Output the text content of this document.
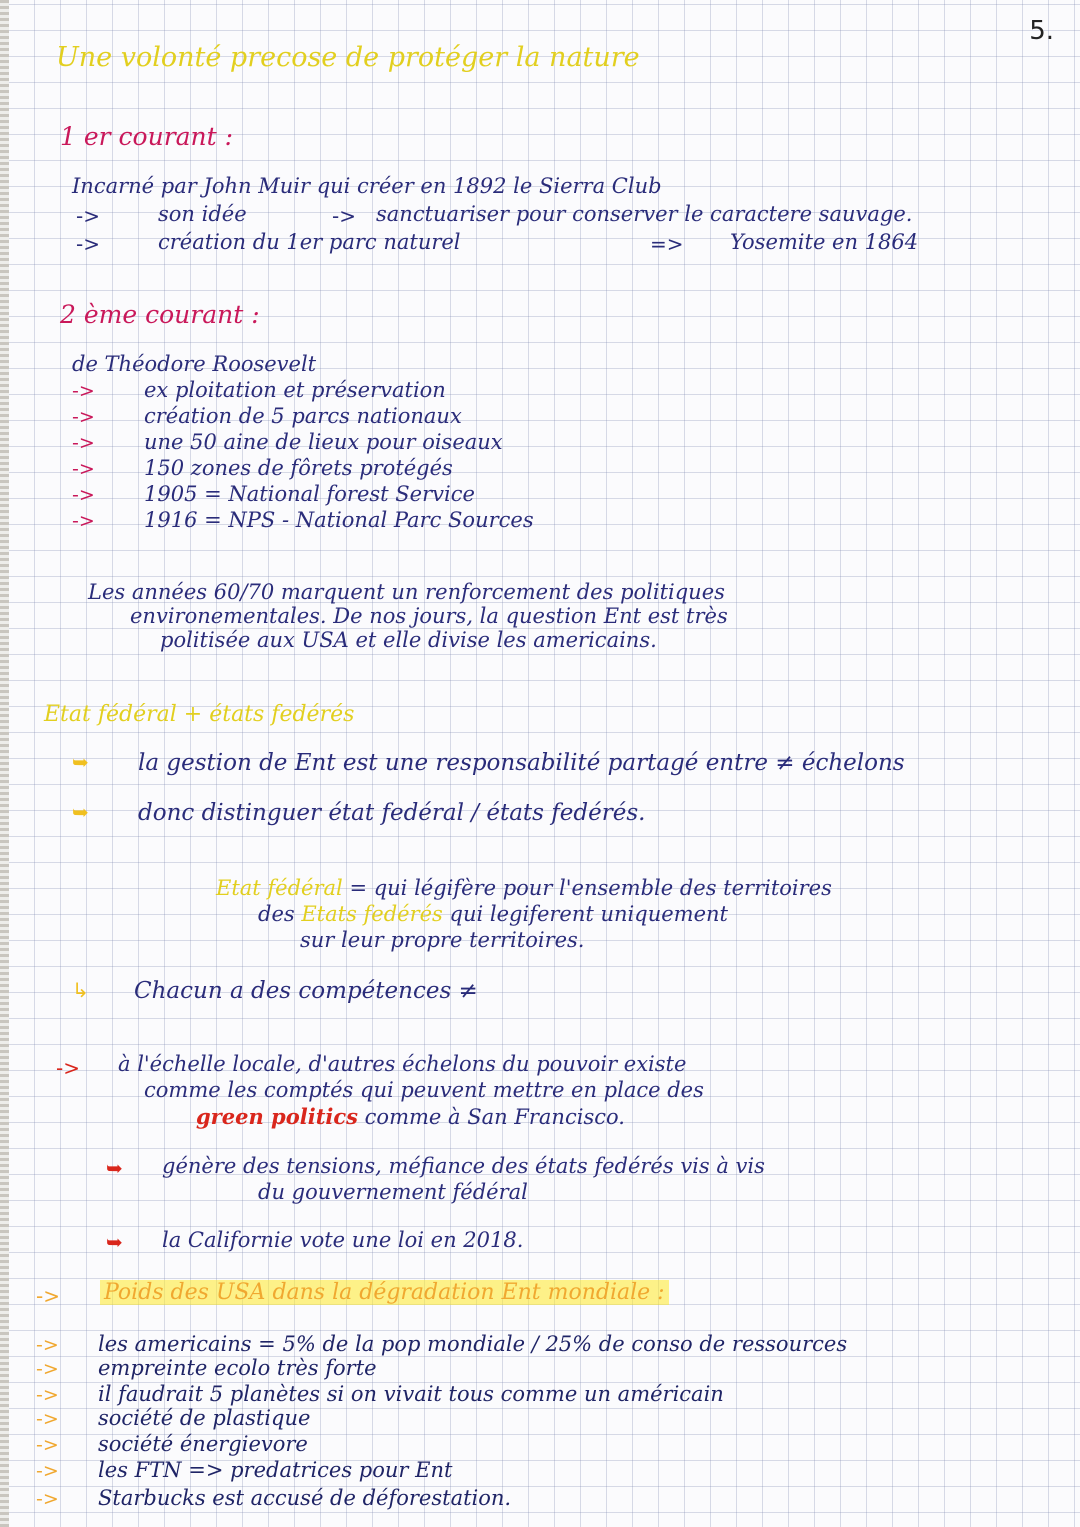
5.
Une volonté precose de protéger la nature
1 er courant :
Incarné par John Muir qui créer en 1892 le Sierra Club
->	son idée	-> sanctuariser pour conserver le caractere sauvage.
->	création du 1er parc naturel	=> Yosemite en 1864
2 ème courant :
de Théodore Roosevelt
-> ex ploitation et préservation
-> création de 5 parcs nationaux
-> une 50 aine de lieux pour oiseaux
-> 150 zones de fôrets protégés
-> 1905 = National forest Service
-> 1916 = NPS - National Parc Sources
Les années 60/70 marquent un renforcement des politiques
environementales. De nos jours, la question Ent est très
politisée aux USA et elle divise les americains.
Etat fédéral + états fedérés
➥ la gestion de Ent est une responsabilité partagé entre ≠ échelons
➥ donc distinguer état fedéral / états fedérés.
Etat fédéral = qui légifère pour l'ensemble des territoires
des Etats fedérés qui legiferent uniquement
sur leur propre territoires.
↳ Chacun a des compétences ≠
-> à l'échelle locale, d'autres échelons du pouvoir existe
comme les comptés qui peuvent mettre en place des
green politics comme à San Francisco.
➥ génère des tensions, méfiance des états fedérés vis à vis
du gouvernement fédéral
➥ la Californie vote une loi en 2018.
-> Poids des USA dans la dégradation Ent mondiale :
-> les americains = 5% de la pop mondiale / 25% de conso de ressources
-> empreinte ecolo très forte
-> il faudrait 5 planètes si on vivait tous comme un américain
-> société de plastique
-> société énergievore
-> les FTN => predatrices pour Ent
-> Starbucks est accusé de déforestation.
